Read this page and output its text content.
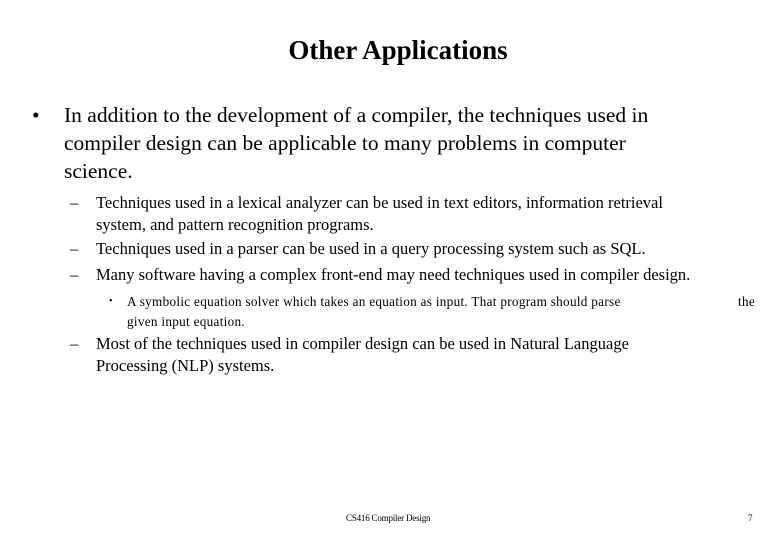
Other Applications
• In addition to the development of a compiler, the techniques used in
compiler design can be applicable to many problems in computer
science.
– Techniques used in a lexical analyzer can be used in text editors, information retrieval
system, and pattern recognition programs.
– Techniques used in a parser can be used in a query processing system such as SQL.
– Many software having a complex front-end may need techniques used in compiler design.
• A symbolic equation solver which takes an equation as input. That program should parse	the
given input equation.
– Most of the techniques used in compiler design can be used in Natural Language
Processing (NLP) systems.
CS416 Compiler Design	7
